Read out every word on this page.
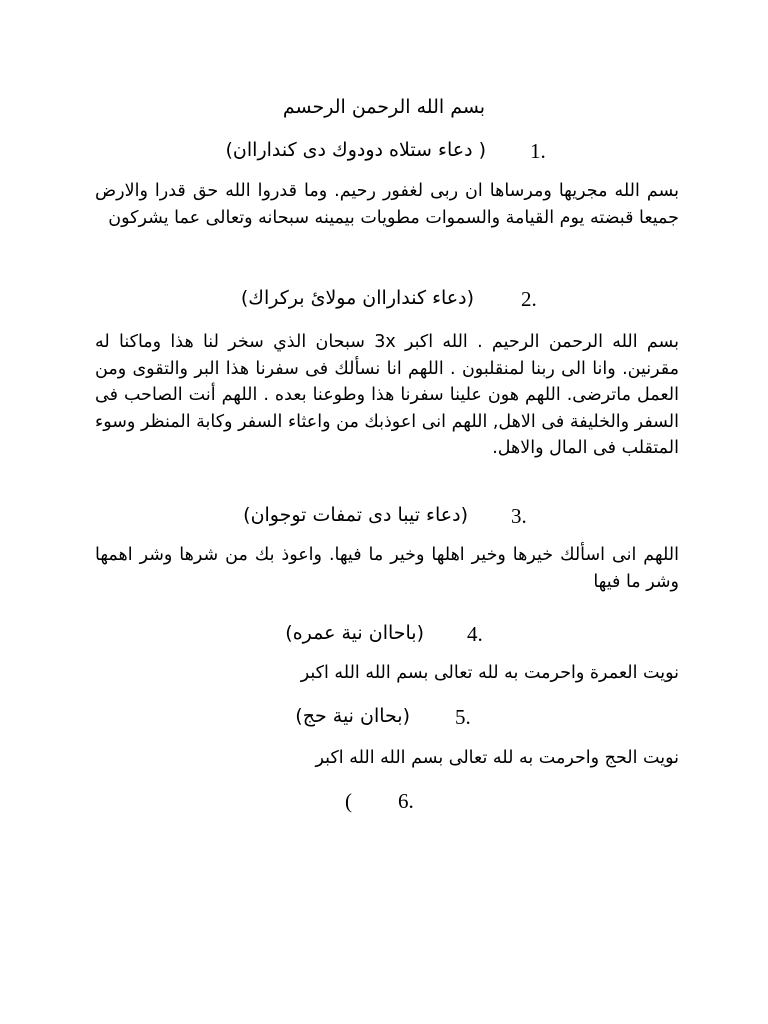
بسم الله الرحمن الرحسم
( دعاء ستلاه دودوك دى كنداراان) 1.

بسم الله مجريها ومرساها ان ربى لغفور رحيم. وما قدروا الله حق قدرا والارض جميعا قبضته يوم القيامة والسموات مطويات بيمينه سبحانه وتعالى عما يشركون

(دعاء كنداراان مولائ بركراك) 2.

بسم الله الرحمن الرحيم . الله اكبر 3x سبحان الذي سخر لنا هذا وماكنا له مقرنين. وانا الى ربنا لمنقلبون . اللهم انا نسألك فى سفرنا هذا البر والتقوى ومن العمل ماترضى. اللهم هون علينا سفرنا هذا وطوعنا بعده . اللهم أنت الصاحب فى السفر والخليفة فى الاهل, اللهم انى اعوذبك من واعثاء السفر وكابة المنظر وسوء المتقلب فى المال والاهل.

(دعاء تيبا دى تمفات توجوان) 3.

اللهم انى اسألك خيرها وخير اهلها وخير ما فيها. واعوذ بك من شرها وشر اهمها وشر ما فيها

(باحاان نية عمره) 4.

نويت العمرة واحرمت به لله تعالى بسم الله الله اكبر

(بحاان نية حج) 5.

نويت الحج واحرمت به لله تعالى بسم الله الله اكبر

) 6.
